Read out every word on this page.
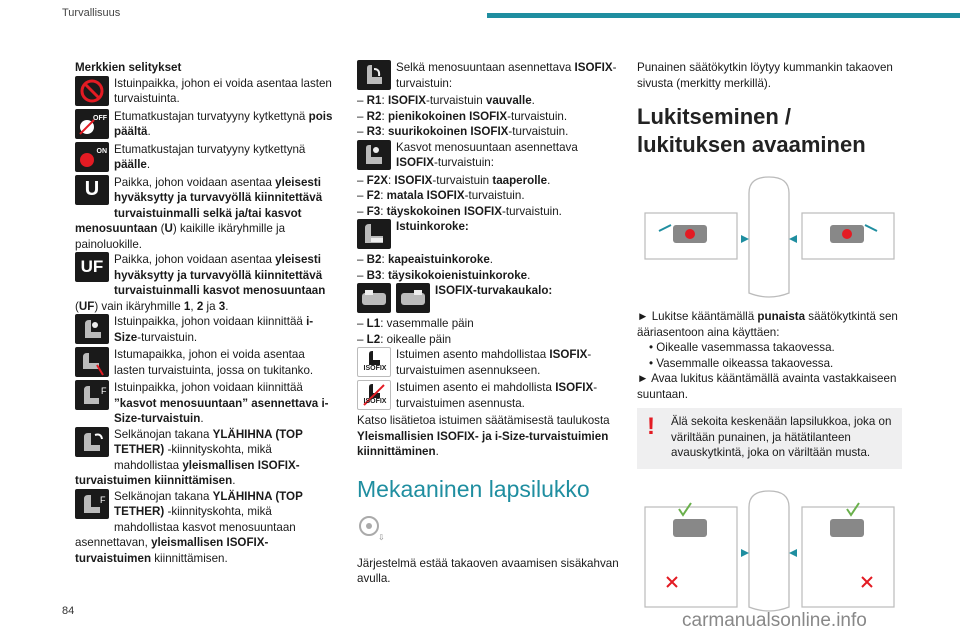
Turvallisuus
Merkkien selitykset
Istuinpaikka, johon ei voida asentaa lasten turvaistuinta.
OFF Etumatkustajan turvatyyny kytkettynä pois päältä.
ON Etumatkustajan turvatyyny kytkettynä päälle.
U	Paikka, johon voidaan asentaa yleisesti hyväksytty ja turvavyöllä kiinnitettävä turvaistuinmalli selkä ja/tai kasvot menosuuntaan (U) kaikille ikäryhmille ja painoluokille.
UF Paikka, johon voidaan asentaa yleisesti hyväksytty ja turvavyöllä kiinnitettävä turvaistuinmalli kasvot menosuuntaan (UF) vain ikäryhmille 1, 2 ja 3.
Istuinpaikka, johon voidaan kiinnittää i-Size-turvaistuin.
Istumapaikka, johon ei voida asentaa lasten turvaistuinta, jossa on tukitanko.
F Istuinpaikka, johon voidaan kiinnittää ”kasvot menosuuntaan” asennettava i-Size-turvaistuin.
Selkänojan takana YLÄHIHNA (TOP TETHER) -kiinnityskohta, mikä mahdollistaa yleismallisen ISOFIX-turvaistuimen kiinnittämisen.
F Selkänojan takana YLÄHIHNA (TOP TETHER) -kiinnityskohta, mikä mahdollistaa kasvot menosuuntaan asennettavan, yleismallisen ISOFIX-turvaistuimen kiinnittämisen.
Selkä menosuuntaan asennettava ISOFIX-turvaistuin:
– R1: ISOFIX-turvaistuin vauvalle.
– R2: pienikokoinen ISOFIX-turvaistuin.
– R3: suurikokoinen ISOFIX-turvaistuin.
Kasvot menosuuntaan asennettava ISOFIX-turvaistuin:
– F2X: ISOFIX-turvaistuin taaperolle.
– F2: matala ISOFIX-turvaistuin.
– F3: täyskokoinen ISOFIX-turvaistuin.
Istuinkoroke:
– B2: kapeaistuinkoroke.
– B3: täysikokoienistuinkoroke.
ISOFIX-turvakaukalo:
– L1: vasemmalle päin
– L2: oikealle päin
ISOFIX
Istuimen asento mahdollistaa ISOFIX-turvaistuimen asennukseen.
ISOFIX
Istuimen asento ei mahdollista ISOFIX-turvaistuimen asennusta.
Katso lisätietoa istuimen säätämisestä taulukosta Yleismallisien ISOFIX- ja i-Size-turvaistuimien kiinnittäminen.
Mekaaninen lapsilukko
⇩
Järjestelmä estää takaoven avaamisen sisäkahvan avulla.
Punainen säätökytkin löytyy kummankin takaoven sivusta (merkitty merkillä).
Lukitseminen / lukituksen avaaminen
► Lukitse kääntämällä punaista säätökytkintä sen ääriasentoon aina käyttäen:
• Oikealle vasemmassa takaovessa.
• Vasemmalle oikeassa takaovessa.
► Avaa lukitus kääntämällä avainta vastakkaiseen suuntaan.
!	Älä sekoita keskenään lapsilukkoa, joka on väriltään punainen, ja hätätilanteen avauskytkintä, joka on väriltään musta.
84	carmanualsonline.info
